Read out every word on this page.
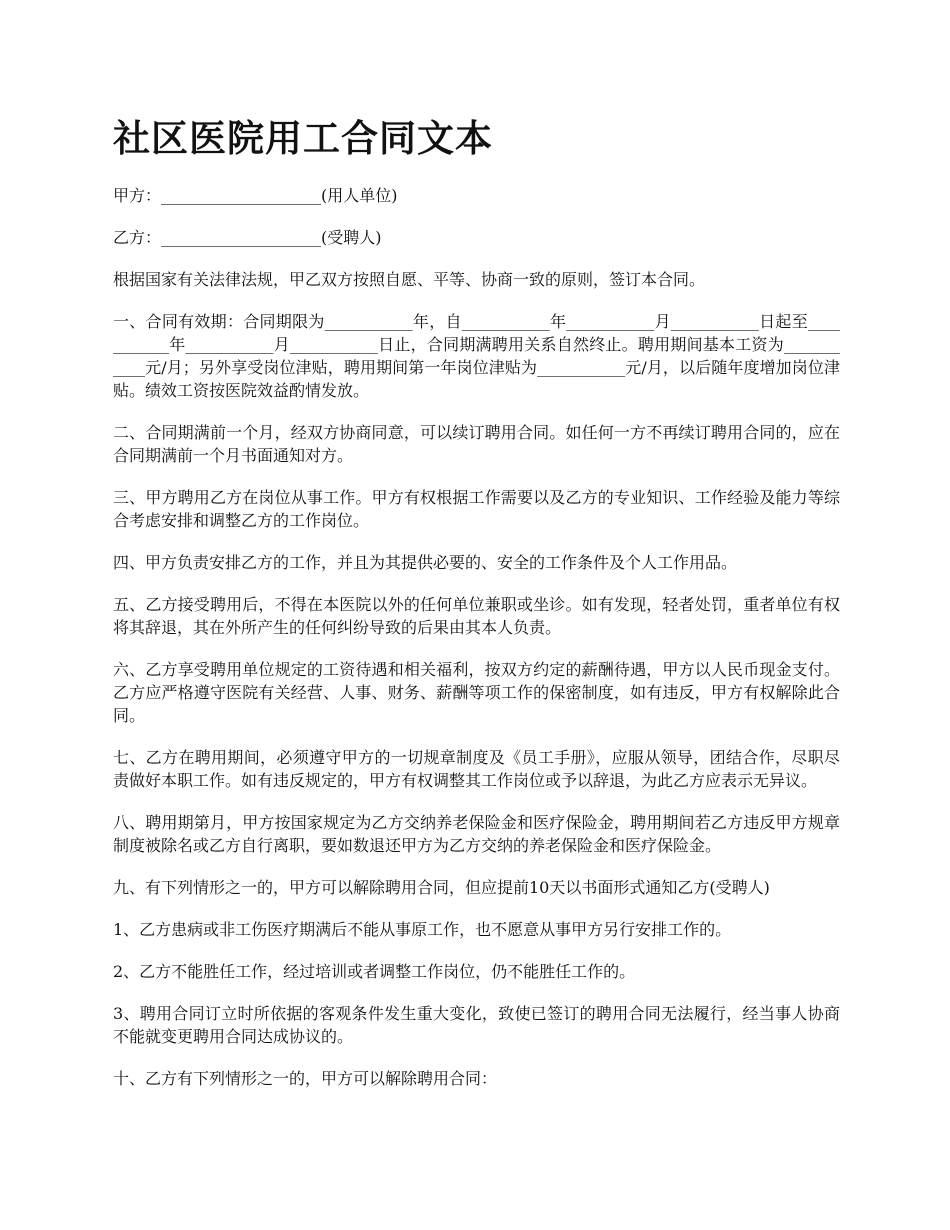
社区医院用工合同文本

甲方：____________________(用人单位)

乙方：____________________(受聘人)

根据国家有关法律法规，甲乙双方按照自愿、平等、协商一致的原则，签订本合同。

一、合同有效期：合同期限为___________年，自___________年___________月___________日起至___________年___________月___________日止，合同期满聘用关系自然终止。聘用期间基本工资为___________元/月；另外享受岗位津贴，聘用期间第一年岗位津贴为___________元/月，以后随年度增加岗位津贴。绩效工资按医院效益酌情发放。

二、合同期满前一个月，经双方协商同意，可以续订聘用合同。如任何一方不再续订聘用合同的，应在合同期满前一个月书面通知对方。

三、甲方聘用乙方在岗位从事工作。甲方有权根据工作需要以及乙方的专业知识、工作经验及能力等综合考虑安排和调整乙方的工作岗位。

四、甲方负责安排乙方的工作，并且为其提供必要的、安全的工作条件及个人工作用品。

五、乙方接受聘用后，不得在本医院以外的任何单位兼职或坐诊。如有发现，轻者处罚，重者单位有权将其辞退，其在外所产生的任何纠纷导致的后果由其本人负责。

六、乙方享受聘用单位规定的工资待遇和相关福利，按双方约定的薪酬待遇，甲方以人民币现金支付。乙方应严格遵守医院有关经营、人事、财务、薪酬等项工作的保密制度，如有违反，甲方有权解除此合同。

七、乙方在聘用期间，必须遵守甲方的一切规章制度及《员工手册》，应服从领导，团结合作，尽职尽责做好本职工作。如有违反规定的，甲方有权调整其工作岗位或予以辞退，为此乙方应表示无异议。

八、聘用期第月，甲方按国家规定为乙方交纳养老保险金和医疗保险金，聘用期间若乙方违反甲方规章制度被除名或乙方自行离职，要如数退还甲方为乙方交纳的养老保险金和医疗保险金。

九、有下列情形之一的，甲方可以解除聘用合同，但应提前10天以书面形式通知乙方(受聘人)

1、乙方患病或非工伤医疗期满后不能从事原工作，也不愿意从事甲方另行安排工作的。

2、乙方不能胜任工作，经过培训或者调整工作岗位，仍不能胜任工作的。

3、聘用合同订立时所依据的客观条件发生重大变化，致使已签订的聘用合同无法履行，经当事人协商不能就变更聘用合同达成协议的。

十、乙方有下列情形之一的，甲方可以解除聘用合同：
